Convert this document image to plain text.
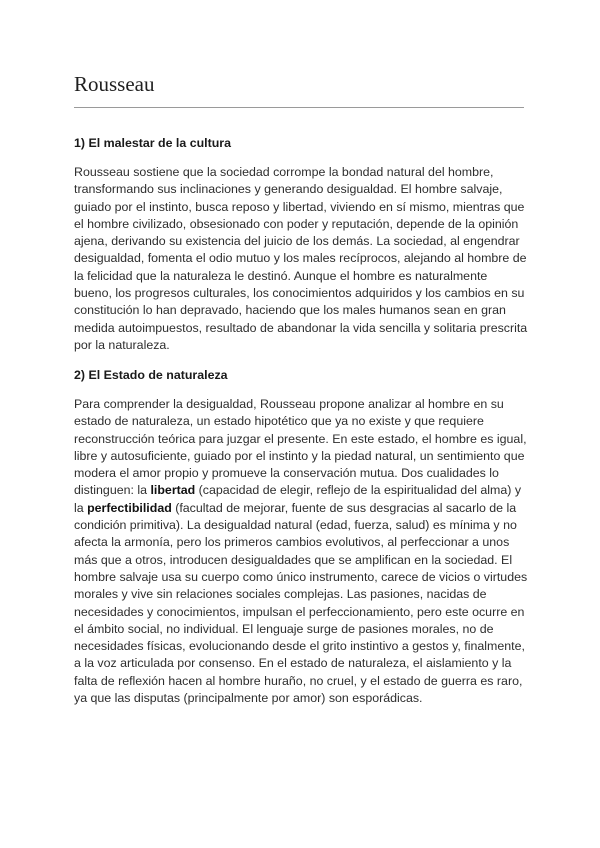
Rousseau
1) El malestar de la cultura

Rousseau sostiene que la sociedad corrompe la bondad natural del hombre, transformando sus inclinaciones y generando desigualdad. El hombre salvaje, guiado por el instinto, busca reposo y libertad, viviendo en sí mismo, mientras que el hombre civilizado, obsesionado con poder y reputación, depende de la opinión ajena, derivando su existencia del juicio de los demás. La sociedad, al engendrar desigualdad, fomenta el odio mutuo y los males recíprocos, alejando al hombre de la felicidad que la naturaleza le destinó. Aunque el hombre es naturalmente bueno, los progresos culturales, los conocimientos adquiridos y los cambios en su constitución lo han depravado, haciendo que los males humanos sean en gran medida autoimpuestos, resultado de abandonar la vida sencilla y solitaria prescrita por la naturaleza.

2) El Estado de naturaleza

Para comprender la desigualdad, Rousseau propone analizar al hombre en su estado de naturaleza, un estado hipotético que ya no existe y que requiere reconstrucción teórica para juzgar el presente. En este estado, el hombre es igual, libre y autosuficiente, guiado por el instinto y la piedad natural, un sentimiento que modera el amor propio y promueve la conservación mutua. Dos cualidades lo distinguen: la libertad (capacidad de elegir, reflejo de la espiritualidad del alma) y la perfectibilidad (facultad de mejorar, fuente de sus desgracias al sacarlo de la condición primitiva). La desigualdad natural (edad, fuerza, salud) es mínima y no afecta la armonía, pero los primeros cambios evolutivos, al perfeccionar a unos más que a otros, introducen desigualdades que se amplifican en la sociedad. El hombre salvaje usa su cuerpo como único instrumento, carece de vicios o virtudes morales y vive sin relaciones sociales complejas. Las pasiones, nacidas de necesidades y conocimientos, impulsan el perfeccionamiento, pero este ocurre en el ámbito social, no individual. El lenguaje surge de pasiones morales, no de necesidades físicas, evolucionando desde el grito instintivo a gestos y, finalmente, a la voz articulada por consenso. En el estado de naturaleza, el aislamiento y la falta de reflexión hacen al hombre huraño, no cruel, y el estado de guerra es raro, ya que las disputas (principalmente por amor) son esporádicas.
